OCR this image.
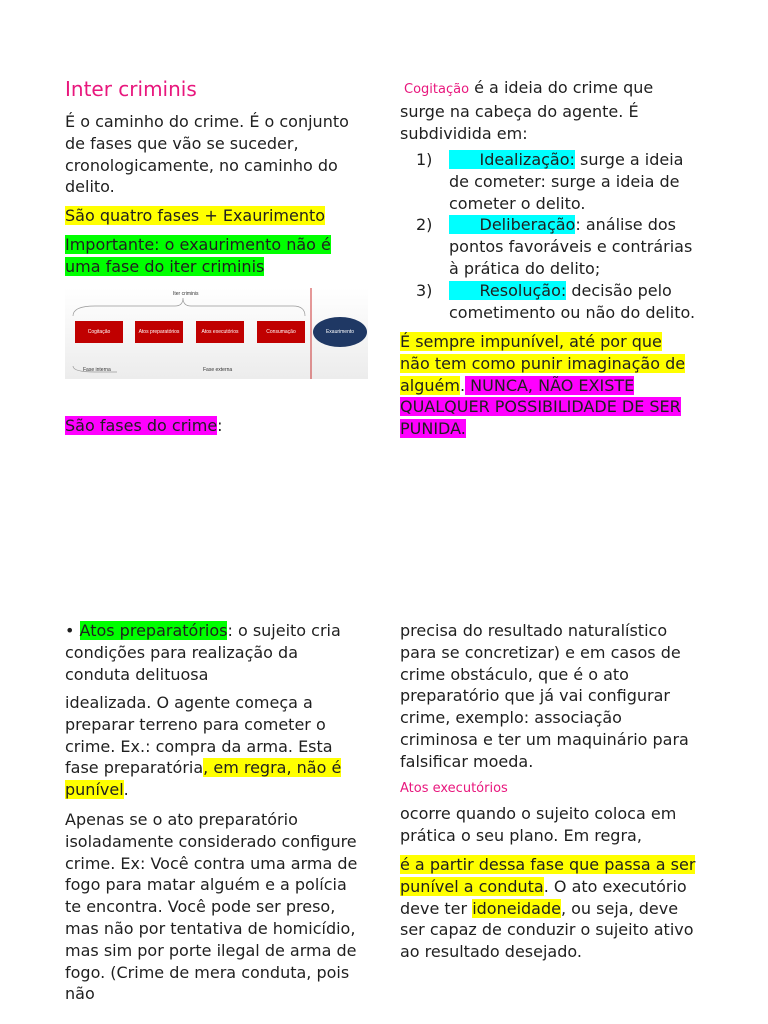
Inter criminis

É o caminho do crime. É o conjunto de fases que vão se suceder, cronologicamente, no caminho do delito.

São quatro fases + Exaurimento
Importante: o exaurimento não é uma fase do iter criminis
Iter criminis
Cogitação	Atos preparatórios	Atos executórios	Consumação	Exaurimento
Fase interna	Fase externa
São fases do crime:
Cogitação é a ideia do crime que surge na cabeça do agente. É subdividida em:
1) Idealização: surge a ideia de cometer: surge a ideia de cometer o delito.
2) Deliberação: análise dos pontos favoráveis e contrárias à prática do delito;
3) Resolução: decisão pelo cometimento ou não do delito.
É sempre impunível, até por que não tem como punir imaginação de alguém. NUNCA, NÃO EXISTE QUALQUER POSSIBILIDADE DE SER PUNIDA.
• Atos preparatórios: o sujeito cria condições para realização da conduta delituosa
idealizada. O agente começa a preparar terreno para cometer o crime. Ex.: compra da arma. Esta fase preparatória, em regra, não é punível.

Apenas se o ato preparatório isoladamente considerado configure crime. Ex: Você contra uma arma de fogo para matar alguém e a polícia te encontra. Você pode ser preso, mas não por tentativa de homicídio, mas sim por porte ilegal de arma de fogo. (Crime de mera conduta, pois não

precisa do resultado naturalístico para se concretizar) e em casos de crime obstáculo, que é o ato preparatório que já vai configurar crime, exemplo: associação criminosa e ter um maquinário para falsificar moeda.

Atos executórios

ocorre quando o sujeito coloca em prática o seu plano. Em regra,

é a partir dessa fase que passa a ser punível a conduta. O ato executório deve ter idoneidade, ou seja, deve ser capaz de conduzir o sujeito ativo ao resultado desejado.
